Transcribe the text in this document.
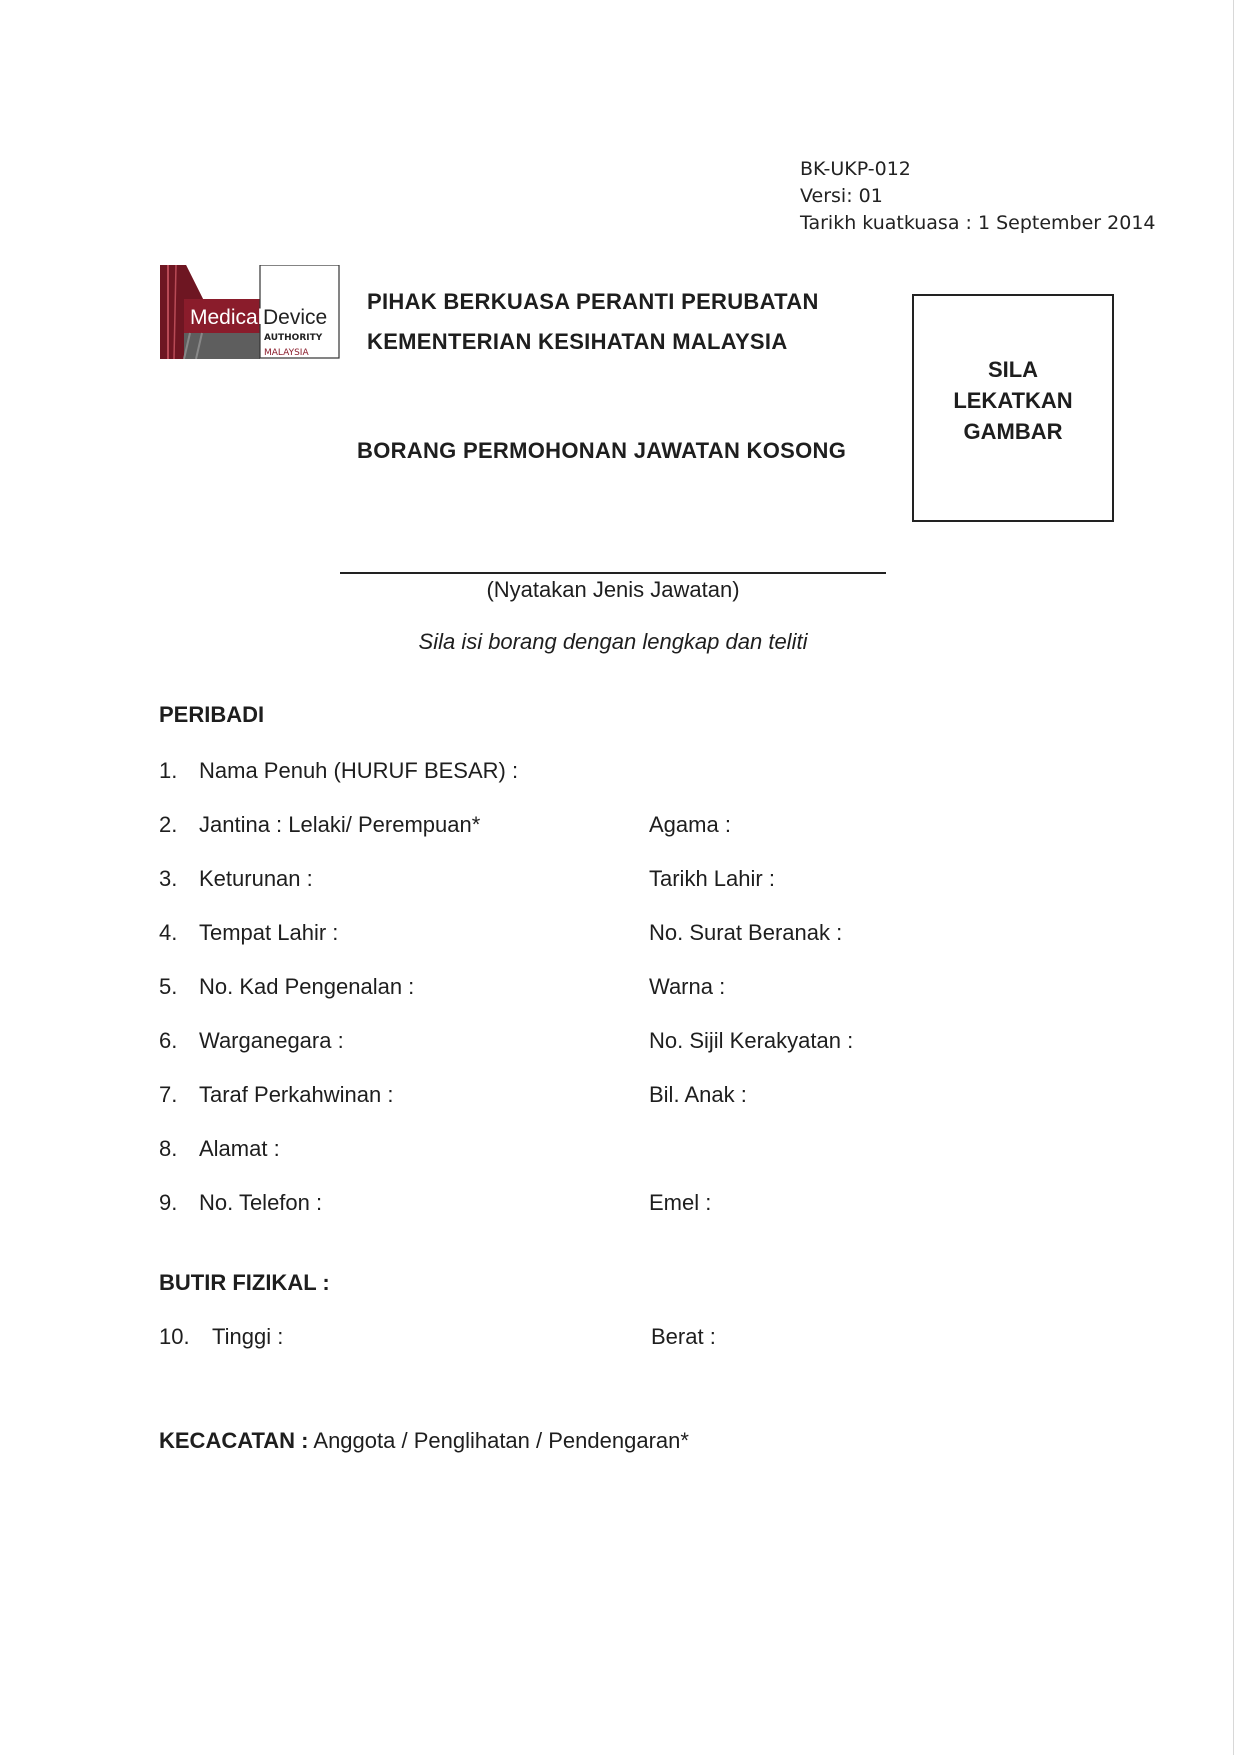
BK-UKP-012
Versi: 01
Tarikh kuatkuasa : 1 September 2014
Medical Device
AUTHORITY
MALAYSIA
PIHAK BERKUASA PERANTI PERUBATAN
KEMENTERIAN KESIHATAN MALAYSIA
BORANG PERMOHONAN JAWATAN KOSONG
SILA
LEKATKAN
GAMBAR
(Nyatakan Jenis Jawatan)
Sila isi borang dengan lengkap dan teliti
PERIBADI
1. Nama Penuh (HURUF BESAR) :
2. Jantina : Lelaki/ Perempuan*	Agama :
3. Keturunan :	Tarikh Lahir :
4. Tempat Lahir :	No. Surat Beranak :
5. No. Kad Pengenalan :	Warna :
6. Warganegara :	No. Sijil Kerakyatan :
7. Taraf Perkahwinan :	Bil. Anak :
8. Alamat :
9. No. Telefon :	Emel :
BUTIR FIZIKAL :
10. Tinggi :	Berat :
KECACATAN : Anggota / Penglihatan / Pendengaran*
